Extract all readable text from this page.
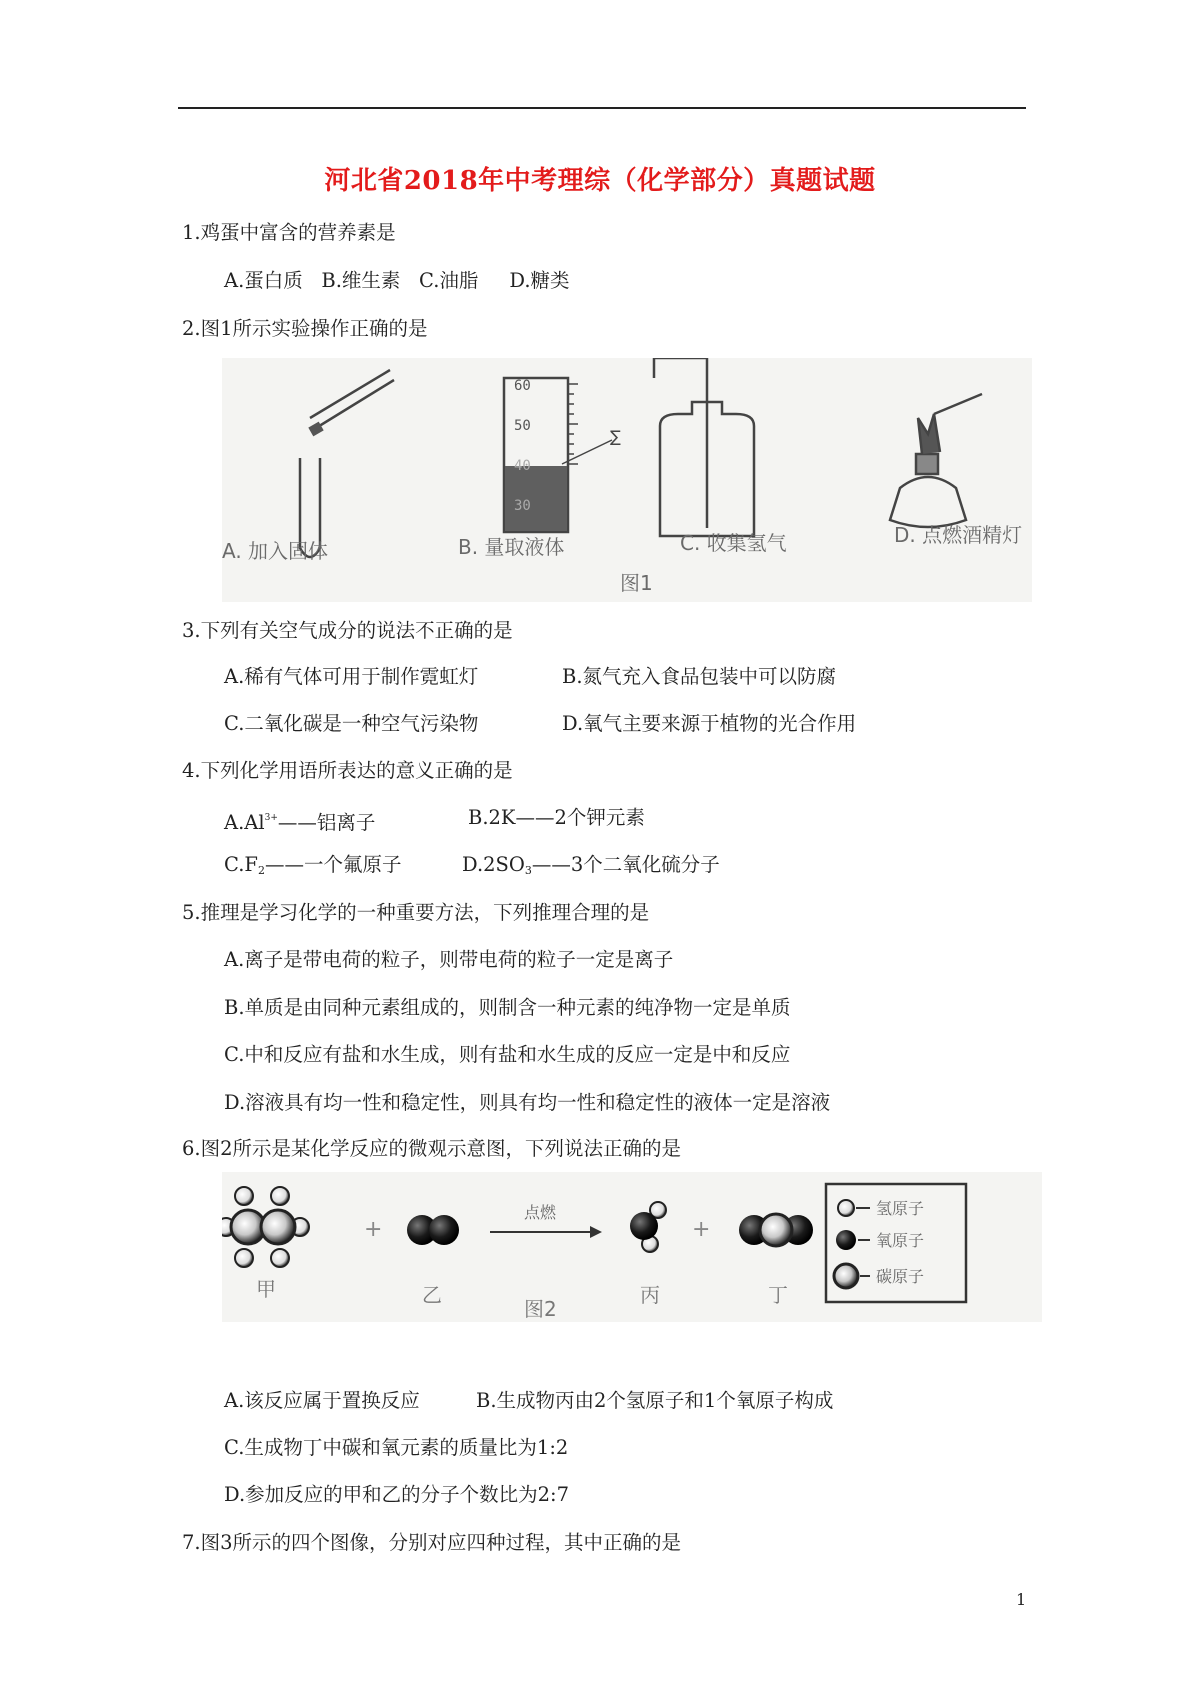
河北省2018年中考理综（化学部分）真题试题
1.鸡蛋中富含的营养素是
A.蛋白质   B.维生素   C.油脂     D.糖类
2.图1所示实验操作正确的是
∑
60
50
40
30
A. 加入固体	B. 量取液体	C. 收集氢气	D. 点燃酒精灯
图1
3.下列有关空气成分的说法不正确的是
A.稀有气体可用于制作霓虹灯	B.氮气充入食品包装中可以防腐
C.二氧化碳是一种空气污染物	D.氧气主要来源于植物的光合作用
4.下列化学用语所表达的意义正确的是
$A.Al^{3+}——$铝离子	B.2K——2个钾元素
$C.F_2——$一个氟原子	$D.2SO_3——3$个二氧化硫分子
5.推理是学习化学的一种重要方法，下列推理合理的是
A.离子是带电荷的粒子，则带电荷的粒子一定是离子
B.单质是由同种元素组成的，则制含一种元素的纯净物一定是单质
C.中和反应有盐和水生成，则有盐和水生成的反应一定是中和反应
D.溶液具有均一性和稳定性，则具有均一性和稳定性的液体一定是溶液
6.图2所示是某化学反应的微观示意图，下列说法正确的是
+
点燃
+
氢原子
氧原子
碳原子
甲	乙
图2
丙	丁
A.该反应属于置换反应	B.生成物丙由2个氢原子和1个氧原子构成
C.生成物丁中碳和氧元素的质量比为1:2
D.参加反应的甲和乙的分子个数比为2:7
7.图3所示的四个图像，分别对应四种过程，其中正确的是
1
